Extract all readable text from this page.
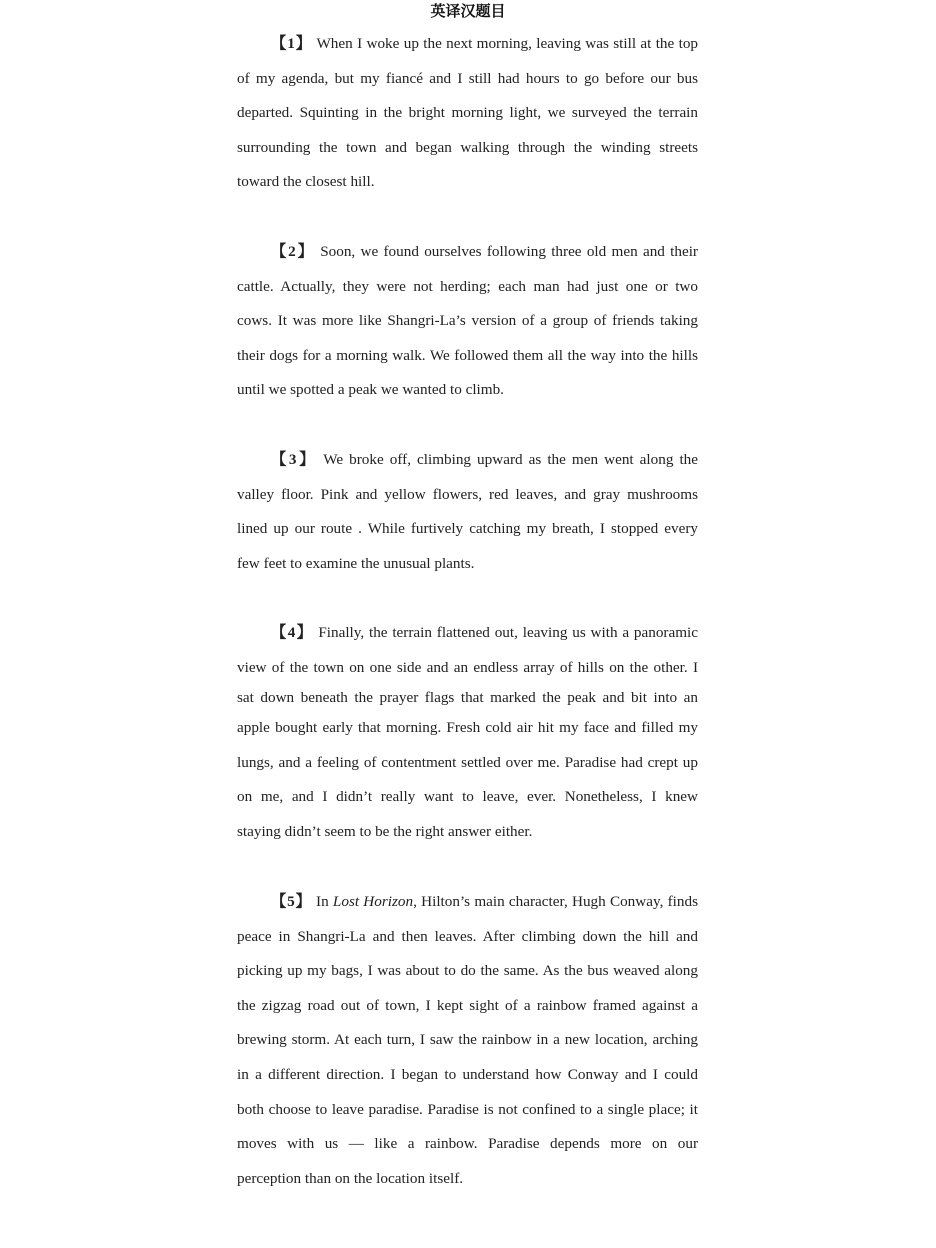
英译汉题目
【1】 When I woke up the next morning, leaving was still at the top
of my agenda, but my fiancé and I still had hours to go before our bus
departed. Squinting in the bright morning light, we surveyed the terrain
surrounding the town and began walking through the winding streets
toward the closest hill.
【2】 Soon, we found ourselves following three old men and their
cattle. Actually, they were not herding; each man had just one or two
cows. It was more like Shangri-La’s version of a group of friends taking
their dogs for a morning walk. We followed them all the way into the hills
until we spotted a peak we wanted to climb.
【3】 We broke off, climbing upward as the men went along the
valley floor. Pink and yellow flowers, red leaves, and gray mushrooms
lined up our route . While furtively catching my breath, I stopped every
few feet to examine the unusual plants.
【4】 Finally, the terrain flattened out, leaving us with a panoramic
view of the town on one side and an endless array of hills on the other. I
sat down beneath the prayer flags that marked the peak and bit into an
apple bought early that morning. Fresh cold air hit my face and filled my
lungs, and a feeling of contentment settled over me. Paradise had crept up
on me, and I didn’t really want to leave, ever. Nonetheless, I knew
staying didn’t seem to be the right answer either.
【5】 In Lost Horizon, Hilton’s main character, Hugh Conway, finds
peace in Shangri-La and then leaves. After climbing down the hill and
picking up my bags, I was about to do the same. As the bus weaved along
the zigzag road out of town, I kept sight of a rainbow framed against a
brewing storm. At each turn, I saw the rainbow in a new location, arching
in a different direction. I began to understand how Conway and I could
both choose to leave paradise. Paradise is not confined to a single place; it
moves with us — like a rainbow. Paradise depends more on our
perception than on the location itself.
